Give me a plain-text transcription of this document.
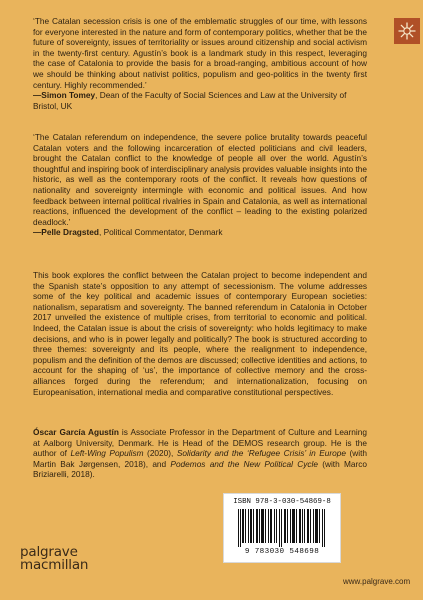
‘The Catalan secession crisis is one of the emblematic struggles of our time, with lessons for everyone interested in the nature and form of contemporary politics, whether that be the future of sovereignty, issues of territoriality or issues around citizenship and social activism in the twenty-first century. Agustín’s book is a landmark study in this respect, leveraging the case of Catalonia to provide the basis for a broad-ranging, ambitious account of how we should be thinking about nativist politics, populism and geo-politics in the twenty first century. Highly recommended.’

—Simon Tomey, Dean of the Faculty of Social Sciences and Law at the University of Bristol, UK

‘The Catalan referendum on independence, the severe police brutality towards peaceful Catalan voters and the following incarceration of elected politicians and civil leaders, brought the Catalan conflict to the knowledge of people all over the world. Agustín’s thoughtful and inspiring book of interdisciplinary analysis provides valuable insights into the historic, as well as the contemporary roots of the conflict. It reveals how questions of nationality and sovereignty intermingle with economic and political issues. And how feedback between internal political rivalries in Spain and Catalonia, as well as international reactions, influenced the development of the conflict – leading to the existing polarized deadlock.’

—Pelle Dragsted, Political Commentator, Denmark

This book explores the conflict between the Catalan project to become independent and the Spanish state’s opposition to any attempt of secessionism. The volume addresses some of the key political and academic issues of contemporary European societies: nationalism, separatism and sovereignty. The banned referendum in Catalonia in October 2017 unveiled the existence of multiple crises, from territorial to economic and political. Indeed, the Catalan issue is about the crisis of sovereignty: who holds legitimacy to make decisions, and who is in power legally and politically? The book is structured according to three themes: sovereignty and its people, where the realignment to independence, populism and the definition of the demos are discussed; collective identities and actions, to account for the shaping of ‘us’, the importance of collective memory and the cross-alliances forged during the referendum; and internationalization, focusing on Europeanisation, international media and comparative constitutional perspectives.

Óscar García Agustín is Associate Professor in the Department of Culture and Learning at Aalborg University, Denmark. He is Head of the DEMOS research group. He is the author of Left-Wing Populism (2020), Solidarity and the ‘Refugee Crisis’ in Europe (with Martin Bak Jørgensen, 2018), and Podemos and the New Political Cycle (with Marco Briziarelli, 2018).

ISBN 978-3-030-54869-8
9 783030 548698
palgrave
macmillan
www.palgrave.com
